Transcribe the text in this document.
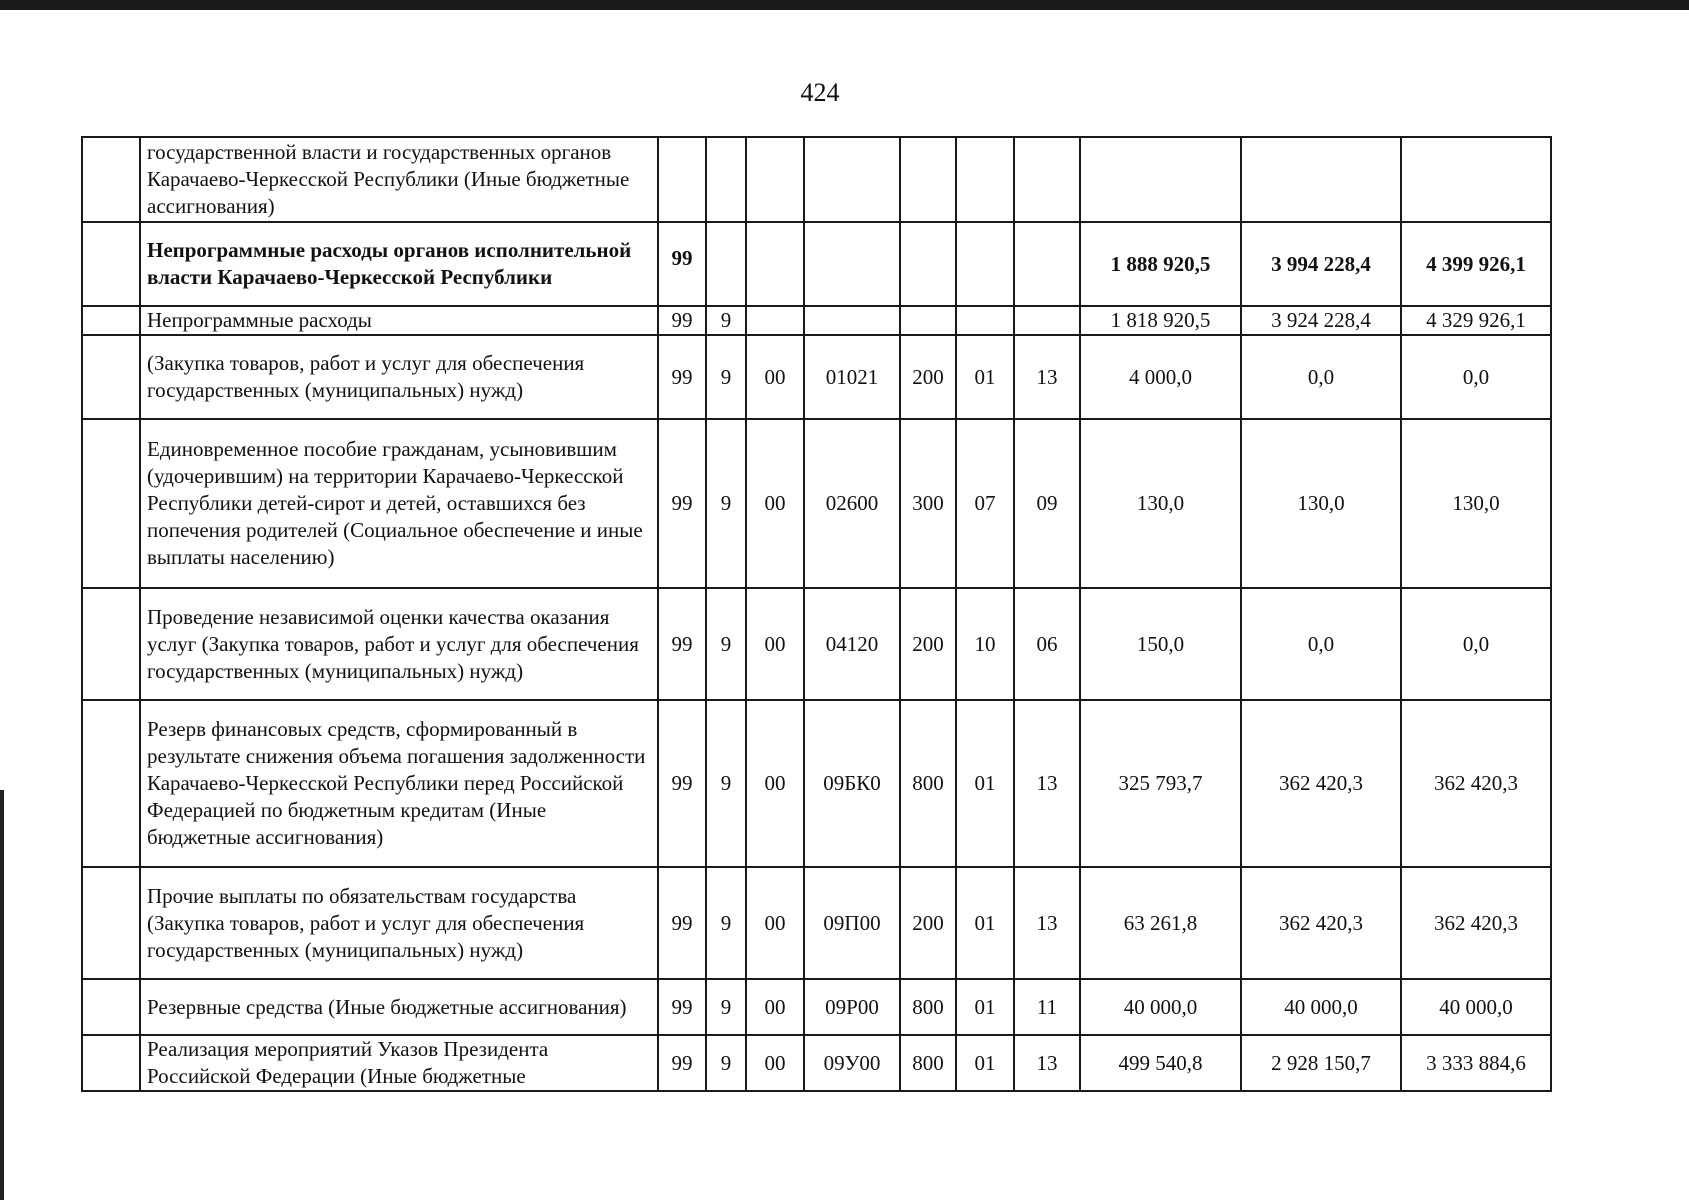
424
	государственной власти и государственных органов Карачаево-Черкесской Республики (Иные бюджетные ассигнования)										
	Непрограммные расходы органов исполнительной власти Карачаево-Черкесской Республики	99							1 888 920,5	3 994 228,4	4 399 926,1
	Непрограммные расходы	99	9						1 818 920,5	3 924 228,4	4 329 926,1
	(Закупка товаров, работ и услуг для обеспечения государственных (муниципальных) нужд)	99	9	00	01021	200	01	13	4 000,0	0,0	0,0
	Единовременное пособие гражданам, усыновившим (удочерившим) на территории Карачаево-Черкесской Республики детей-сирот и детей, оставшихся без попечения родителей (Социальное обеспечение и иные выплаты населению)	99	9	00	02600	300	07	09	130,0	130,0	130,0
	Проведение независимой оценки качества оказания услуг (Закупка товаров, работ и услуг для обеспечения государственных (муниципальных) нужд)	99	9	00	04120	200	10	06	150,0	0,0	0,0
	Резерв финансовых средств, сформированный в результате снижения объема погашения задолженности Карачаево-Черкесской Республики перед Российской Федерацией по бюджетным кредитам (Иные бюджетные ассигнования)	99	9	00	09БК0	800	01	13	325 793,7	362 420,3	362 420,3
	Прочие выплаты по обязательствам государства (Закупка товаров, работ и услуг для обеспечения государственных (муниципальных) нужд)	99	9	00	09П00	200	01	13	63 261,8	362 420,3	362 420,3
	Резервные средства (Иные бюджетные ассигнования)	99	9	00	09Р00	800	01	11	40 000,0	40 000,0	40 000,0
	Реализация мероприятий Указов Президента Российской Федерации (Иные бюджетные	99	9	00	09У00	800	01	13	499 540,8	2 928 150,7	3 333 884,6
